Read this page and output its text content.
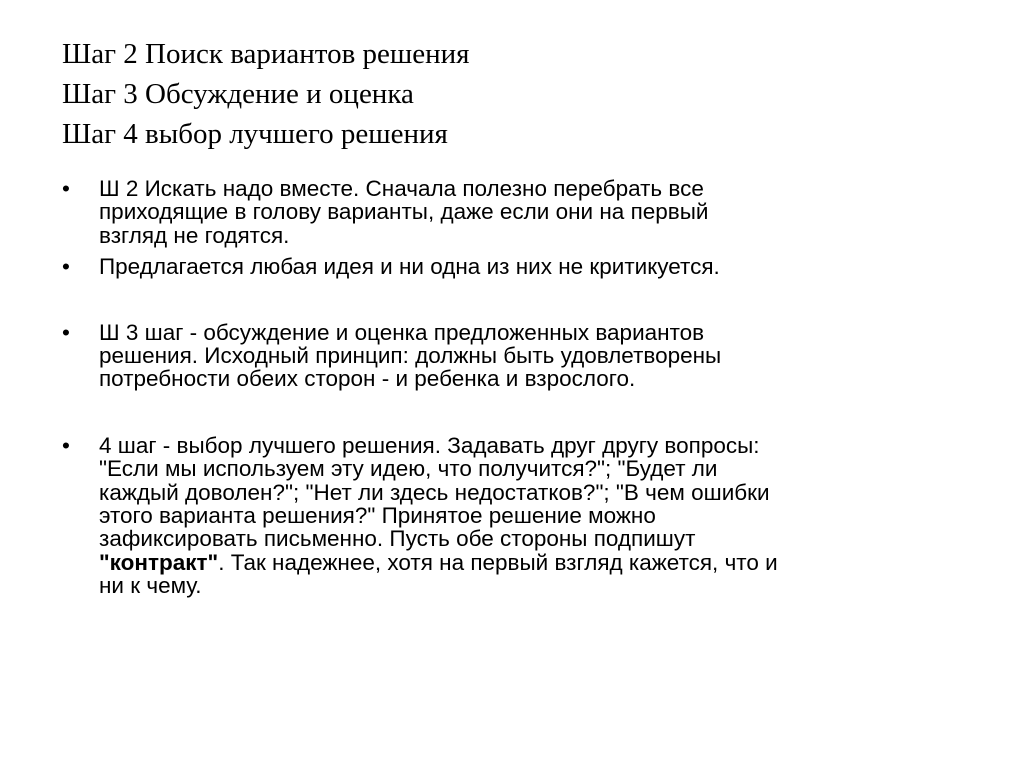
Шаг 2 Поиск вариантов решения
Шаг 3 Обсуждение и оценка
Шаг 4 выбор лучшего решения
•	Ш 2 Искать надо вместе. Сначала полезно перебрать все
приходящие в голову варианты, даже если они на первый
взгляд не годятся.
•	Предлагается любая идея и ни одна из них не критикуется.
•	Ш 3 шаг - обсуждение и оценка предложенных вариантов
решения. Исходный принцип: должны быть удовлетворены
потребности обеих сторон - и ребенка и взрослого.
•	4 шаг - выбор лучшего решения. Задавать друг другу вопросы:
"Если мы используем эту идею, что получится?"; "Будет ли
каждый доволен?"; "Нет ли здесь недостатков?"; "В чем ошибки
этого варианта решения?" Принятое решение можно
зафиксировать письменно. Пусть обе стороны подпишут
"контракт". Так надежнее, хотя на первый взгляд кажется, что и
ни к чему.
